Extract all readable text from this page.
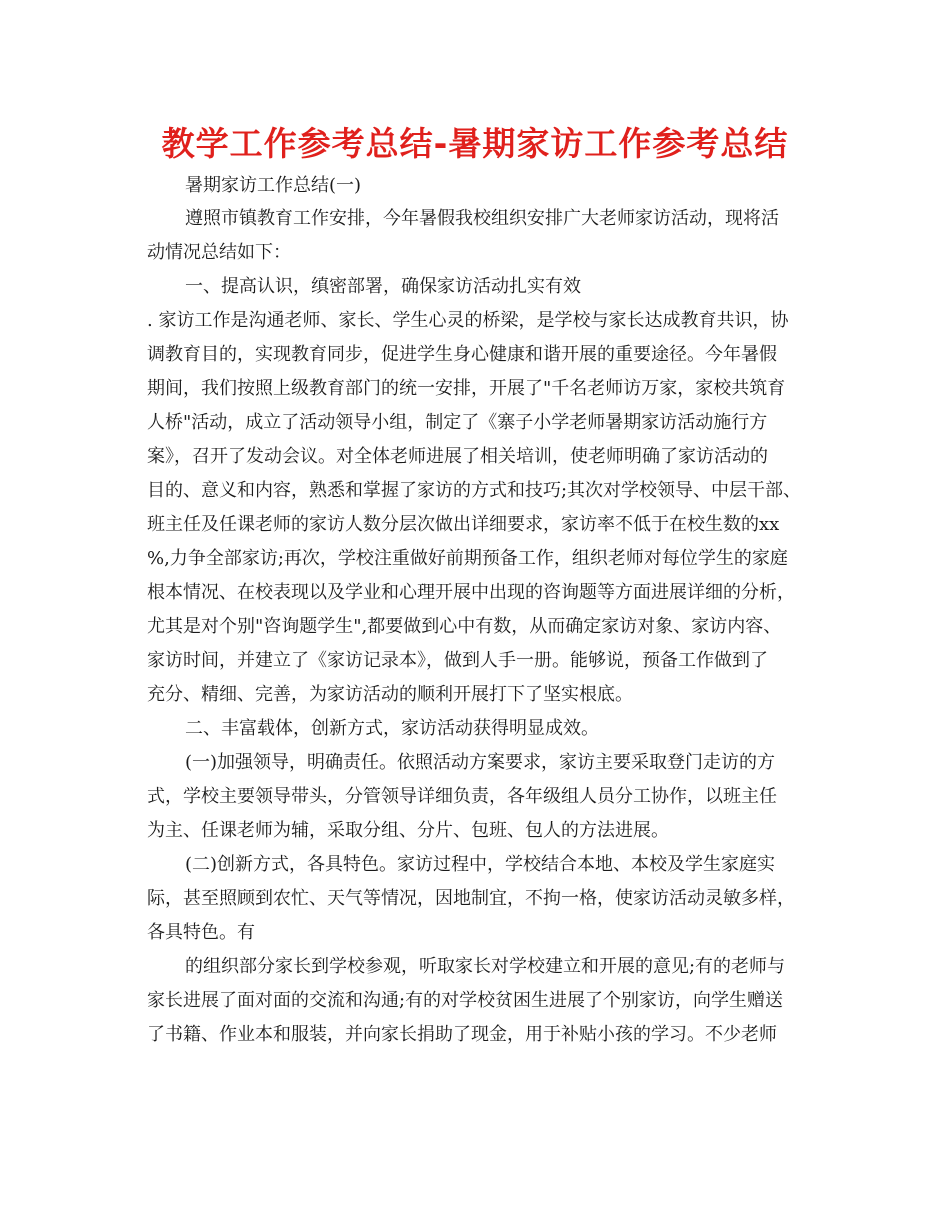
教学工作参考总结-暑期家访工作参考总结

暑期家访工作总结(一)

遵照市镇教育工作安排，今年暑假我校组织安排广大老师家访活动，现将活

动情况总结如下：

一、提高认识，缜密部署，确保家访活动扎实有效

. 家访工作是沟通老师、家长、学生心灵的桥梁，是学校与家长达成教育共识，协

调教育目的，实现教育同步，促进学生身心健康和谐开展的重要途径。今年暑假

期间，我们按照上级教育部门的统一安排，开展了"千名老师访万家，家校共筑育

人桥"活动，成立了活动领导小组，制定了《寨子小学老师暑期家访活动施行方

案》，召开了发动会议。对全体老师进展了相关培训，使老师明确了家访活动的

目的、意义和内容，熟悉和掌握了家访的方式和技巧;其次对学校领导、中层干部、

班主任及任课老师的家访人数分层次做出详细要求，家访率不低于在校生数的xx

%,力争全部家访;再次，学校注重做好前期预备工作，组织老师对每位学生的家庭

根本情况、在校表现以及学业和心理开展中出现的咨询题等方面进展详细的分析，

尤其是对个别"咨询题学生",都要做到心中有数，从而确定家访对象、家访内容、

家访时间，并建立了《家访记录本》，做到人手一册。能够说，预备工作做到了

充分、精细、完善，为家访活动的顺利开展打下了坚实根底。

二、丰富载体，创新方式，家访活动获得明显成效。

(一)加强领导，明确责任。依照活动方案要求，家访主要采取登门走访的方

式，学校主要领导带头，分管领导详细负责，各年级组人员分工协作，以班主任

为主、任课老师为辅，采取分组、分片、包班、包人的方法进展。

(二)创新方式，各具特色。家访过程中，学校结合本地、本校及学生家庭实

际，甚至照顾到农忙、天气等情况，因地制宜，不拘一格，使家访活动灵敏多样，

各具特色。有

的组织部分家长到学校参观，听取家长对学校建立和开展的意见;有的老师与

家长进展了面对面的交流和沟通;有的对学校贫困生进展了个别家访，向学生赠送

了书籍、作业本和服装，并向家长捐助了现金，用于补贴小孩的学习。不少老师
